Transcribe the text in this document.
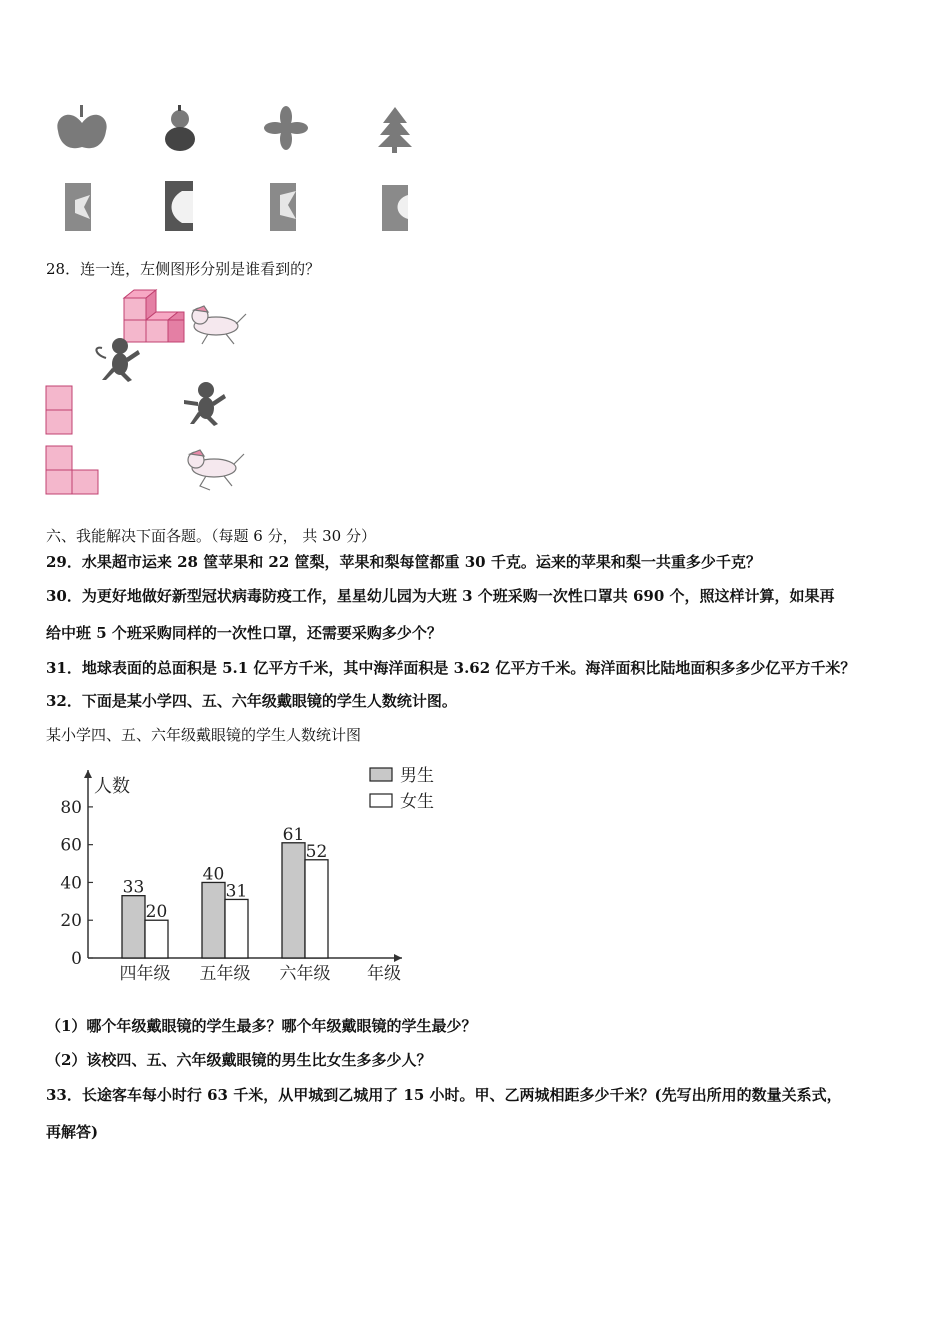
28．连一连，左侧图形分别是谁看到的？
六、我能解决下面各题。（每题 6 分， 共 30 分）
29．水果超市运来 28 筐苹果和 22 筐梨，苹果和梨每筐都重 30 千克。运来的苹果和梨一共重多少千克？
30．为更好地做好新型冠状病毒防疫工作，星星幼儿园为大班 3 个班采购一次性口罩共 690 个，照这样计算，如果再
给中班 5 个班采购同样的一次性口罩，还需要采购多少个？
31．地球表面的总面积是 5.1 亿平方千米，其中海洋面积是 3.62 亿平方千米。海洋面积比陆地面积多多少亿平方千米？
32．下面是某小学四、五、六年级戴眼镜的学生人数统计图。
某小学四、五、六年级戴眼镜的学生人数统计图
人数
0
20
40
60
80
33
20
四年级
40
31
五年级
61
52
六年级 年级
男生
女生
（1）哪个年级戴眼镜的学生最多？哪个年级戴眼镜的学生最少？
（2）该校四、五、六年级戴眼镜的男生比女生多多少人？
33．长途客车每小时行 63 千米，从甲城到乙城用了 15 小时。甲、乙两城相距多少千米？(先写出所用的数量关系式，
再解答)
